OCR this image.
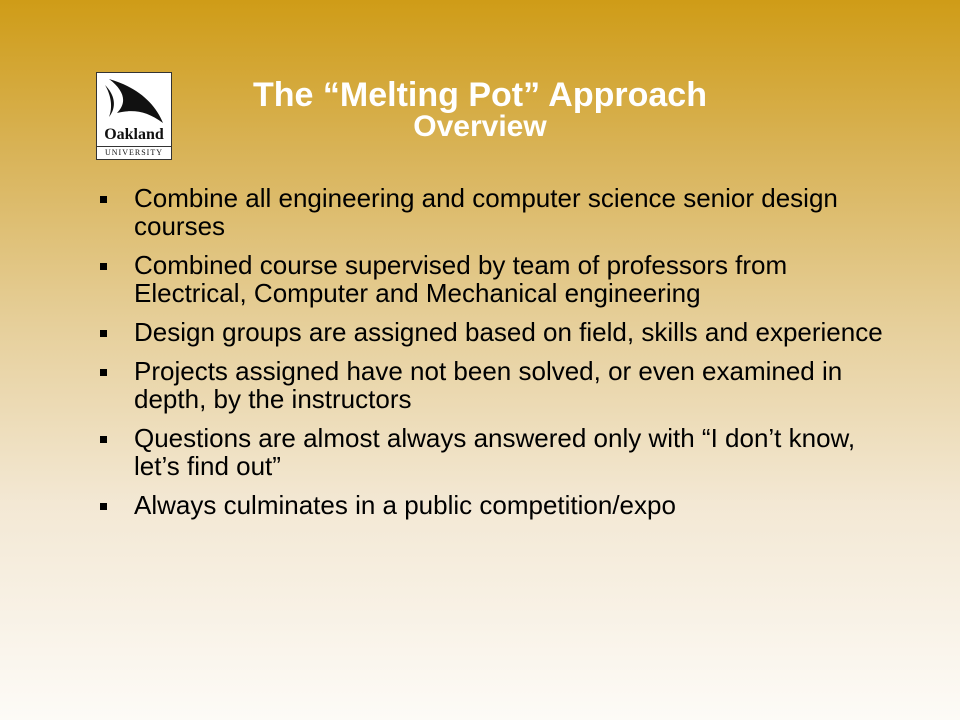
Oakland
UNIVERSITY
The “Melting Pot” Approach
Overview
Combine all engineering and computer science senior design courses
Combined course supervised by team of professors from Electrical, Computer and Mechanical engineering
Design groups are assigned based on field, skills and experience
Projects assigned have not been solved, or even examined in depth, by the instructors
Questions are almost always answered only with “I don’t know, let’s find out”
Always culminates in a public competition/expo
